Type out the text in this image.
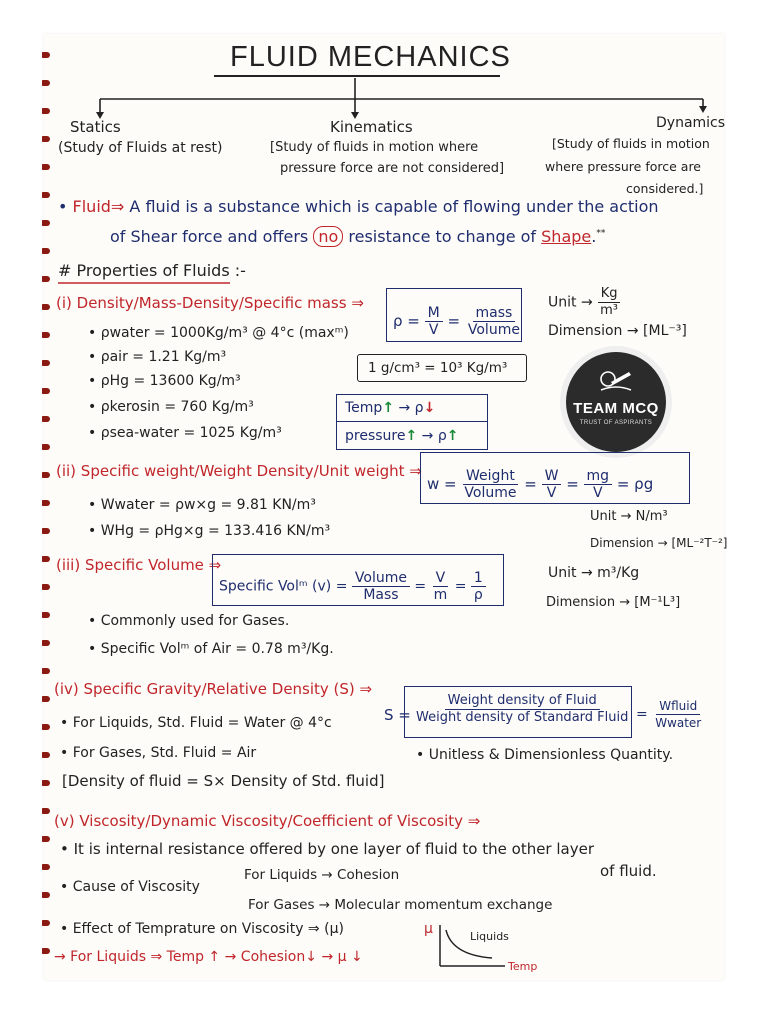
FLUID MECHANICS
Statics
(Study of Fluids at rest)
Kinematics
[Study of fluids in motion where
pressure force are not considered]
Dynamics
[Study of fluids in motion
where pressure force are
considered.]
• Fluid⇒ A fluid is a substance which is capable of flowing under the action
of Shear force and offers no resistance to change of Shape.**
# Properties of Fluids :-
(i) Density/Mass-Density/Specific mass ⇒
$\rho = \frac{M}{V} = \frac{\text{mass}}{\text{Volume}}$
Unit → $\frac{Kg}{\text{m³}}$
Dimension → [ML⁻³]
• ρwater = 1000Kg/m³ @ 4°c (maxᵐ)
• ρair = 1.21 Kg/m³
• ρHg = 13600 Kg/m³
• ρkerosin = 760 Kg/m³
• ρsea-water = 1025 Kg/m³
1 g/cm³ = 10³ Kg/m³
Temp↑ → ρ↓
pressure↑ → ρ↑
TEAM MCQ
TRUST OF ASPIRANTS
(ii) Specific weight/Weight Density/Unit weight ⇒
$w = \frac{\text{Weight}}{\text{Volume}} = \frac{W}{V} = \frac{mg}{V} = \rho g$
• Wwater = ρw×g = 9.81 KN/m³
• WHg = ρHg×g = 133.416 KN/m³
Unit → N/m³
Dimension → [ML⁻²T⁻²]
(iii) Specific Volume ⇒
Specific Volᵐ $(v) = \frac{\text{Volume}}{\text{Mass}} = \frac{V}{m} = \frac{1}{\rho}$	Unit → m³/Kg
Dimension → [M⁻¹L³]
• Commonly used for Gases.
• Specific Volᵐ of Air = 0.78 m³/Kg.
(iv) Specific Gravity/Relative Density (S) ⇒
$S = \frac{\text{Weight density of Fluid}}{\text{Weight density of Standard Fluid}} = \frac{\text{Wfluid}}{\text{Wwater}}$
• For Liquids, Std. Fluid = Water @ 4°c
• For Gases, Std. Fluid = Air	• Unitless & Dimensionless Quantity.
[Density of fluid = S× Density of Std. fluid]
(v) Viscosity/Dynamic Viscosity/Coefficient of Viscosity ⇒
• It is internal resistance offered by one layer of fluid to the other layer
of fluid.
• Cause of Viscosity
For Liquids → Cohesion
For Gases → Molecular momentum exchange
• Effect of Temprature on Viscosity ⇒ (μ)
→ For Liquids ⇒ Temp ↑ → Cohesion↓ → μ ↓
μ	Liquids
Temp
